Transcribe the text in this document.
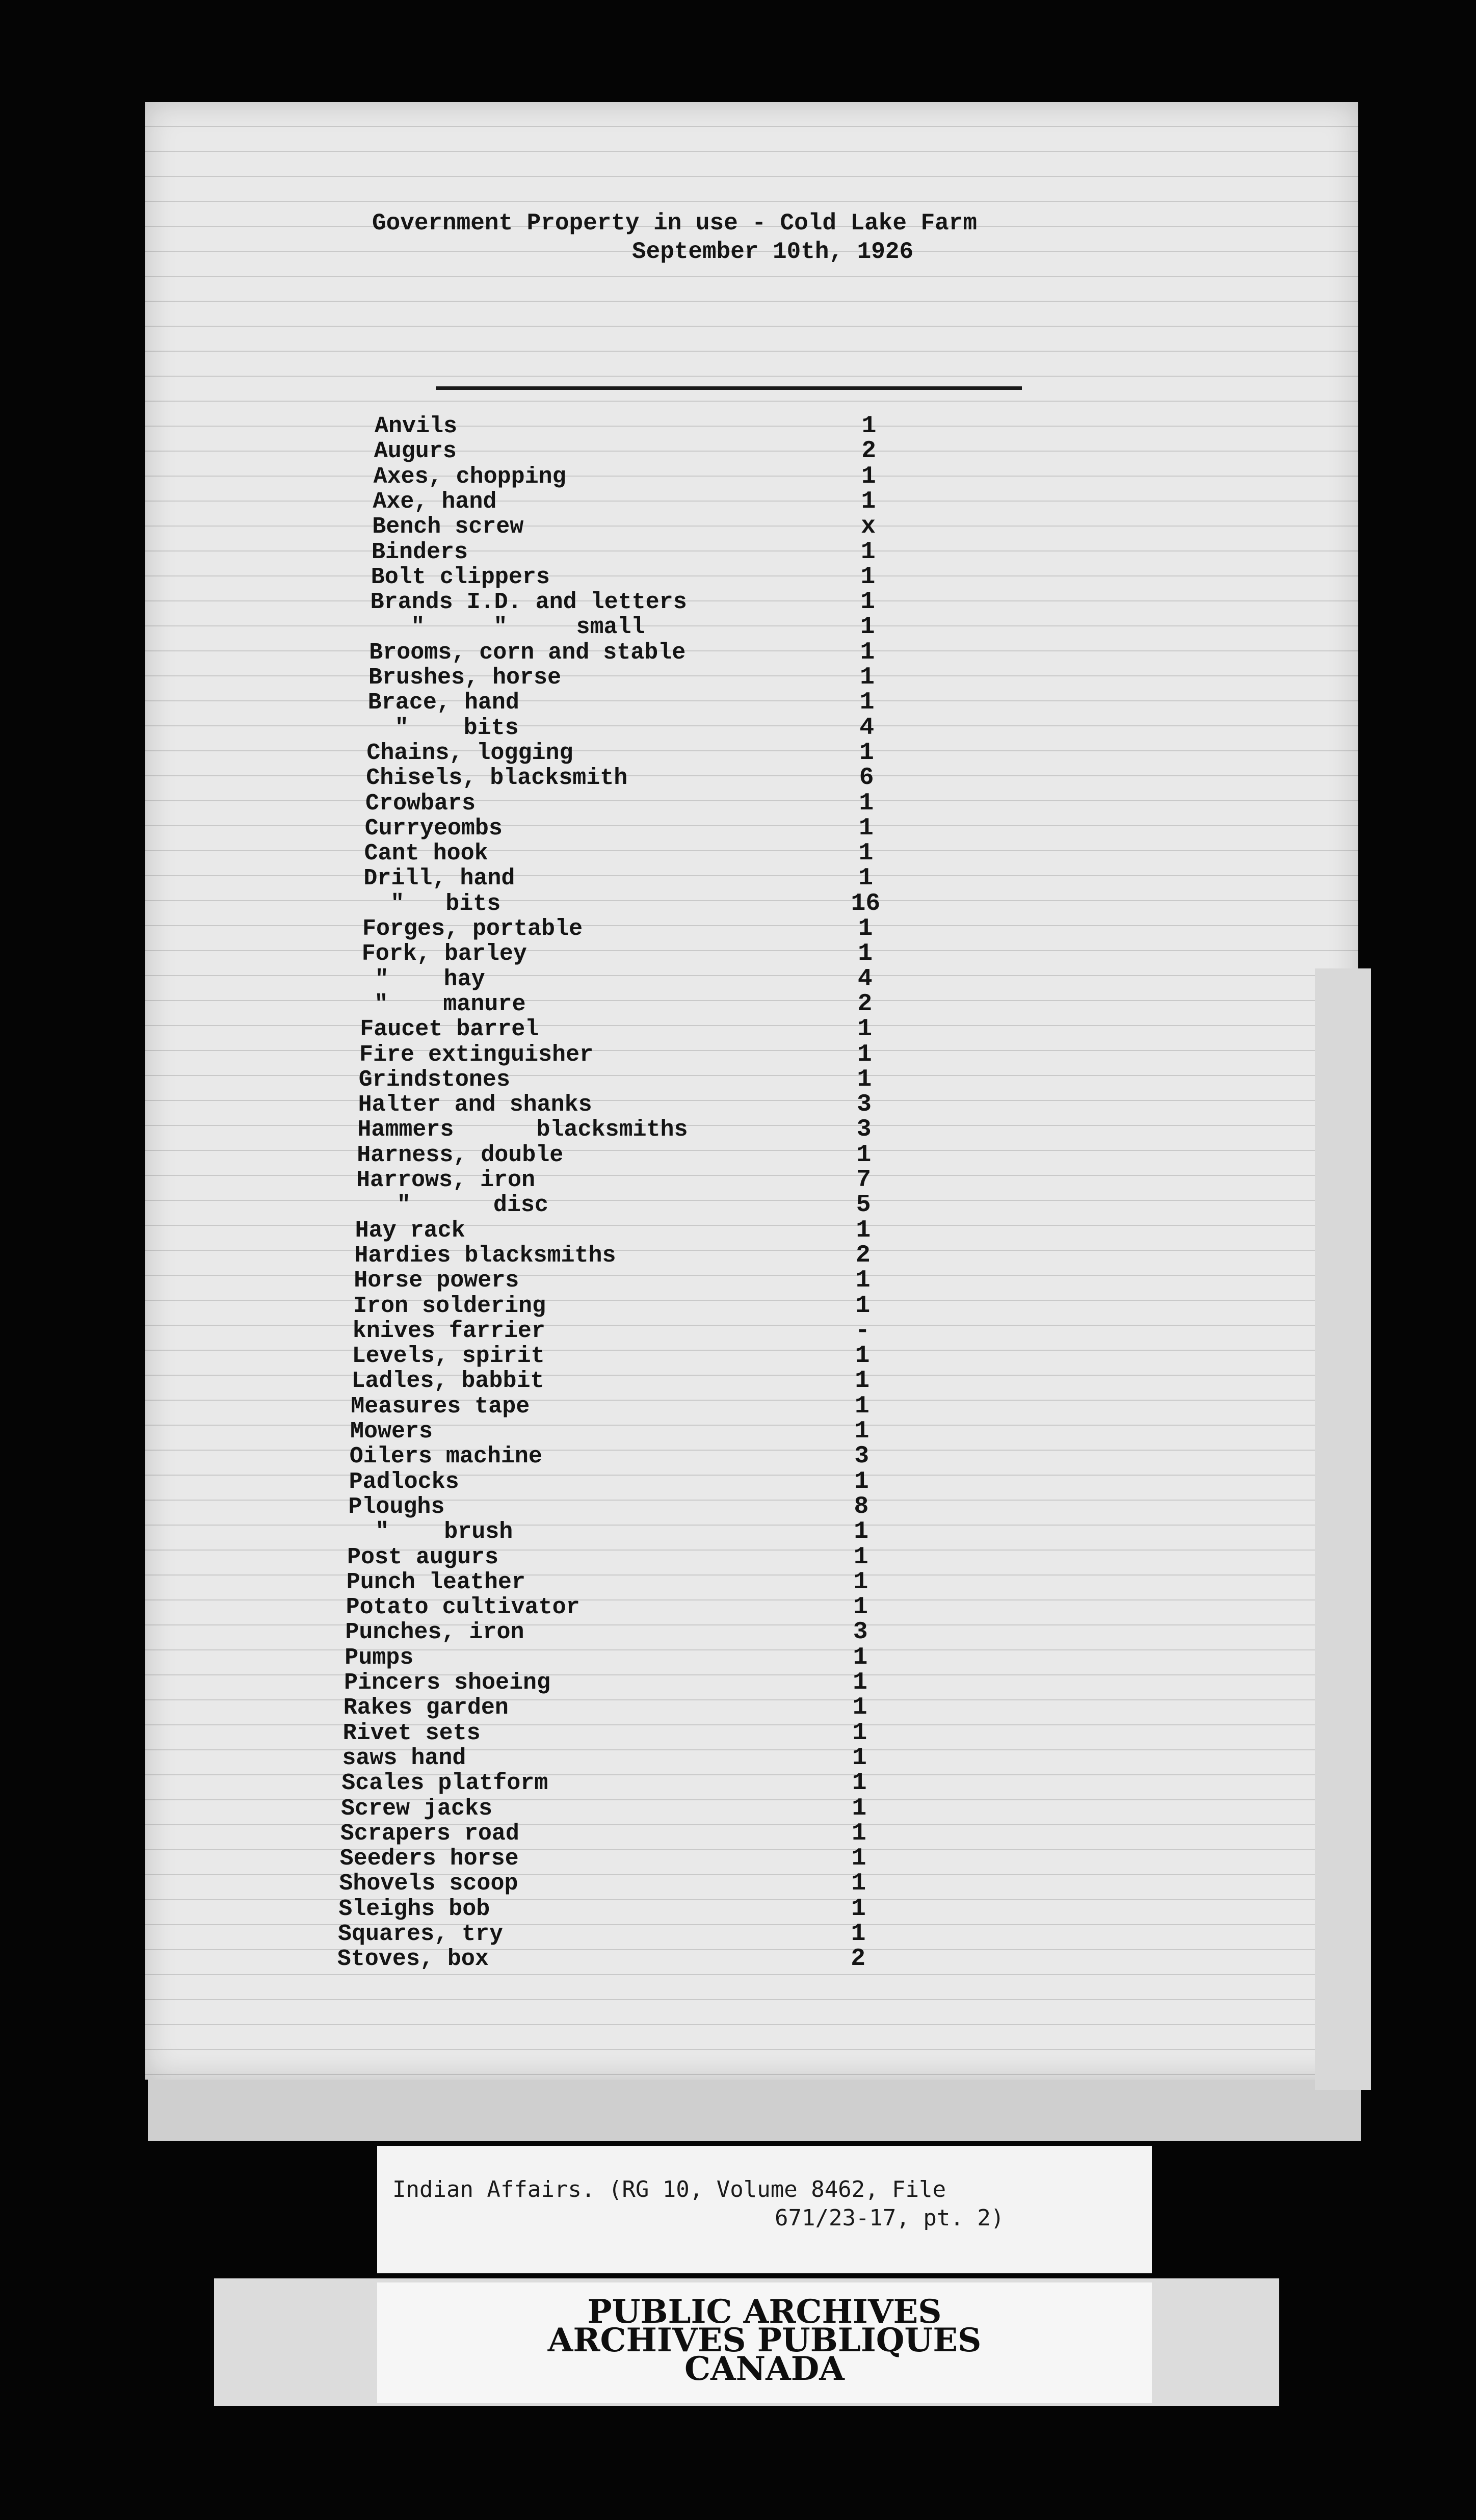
Government Property in use - Cold Lake Farm
September 10th, 1926
Anvils	1
Augurs	2
Axes, chopping	1
Axe, hand	1
Bench screw	x
Binders	1
Bolt clippers	1
Brands I.D. and letters	1
"     "     small	1
Brooms, corn and stable	1
Brushes, horse	1
Brace, hand	1
"    bits	4
Chains, logging	1
Chisels, blacksmith	6
Crowbars	1
Curryeombs	1
Cant hook	1
Drill, hand	1
"   bits	16
Forges, portable	1
Fork, barley	1
"    hay	4
"    manure	2
Faucet barrel	1
Fire extinguisher	1
Grindstones	1
Halter and shanks	3
Hammers      blacksmiths	3
Harness, double	1
Harrows, iron	7
"      disc	5
Hay rack	1
Hardies blacksmiths	2
Horse powers	1
Iron soldering	1
knives farrier	-
Levels, spirit	1
Ladles, babbit	1
Measures tape	1
Mowers	1
Oilers machine	3
Padlocks	1
Ploughs	8
"    brush	1
Post augurs	1
Punch leather	1
Potato cultivator	1
Punches, iron	3
Pumps	1
Pincers shoeing	1
Rakes garden	1
Rivet sets	1
saws hand	1
Scales platform	1
Screw jacks	1
Scrapers road	1
Seeders horse	1
Shovels scoop	1
Sleighs bob	1
Squares, try	1
Stoves, box	2
Indian Affairs. (RG 10, Volume 8462, File
671/23-17, pt. 2)
PUBLIC ARCHIVES
ARCHIVES PUBLIQUES
CANADA
